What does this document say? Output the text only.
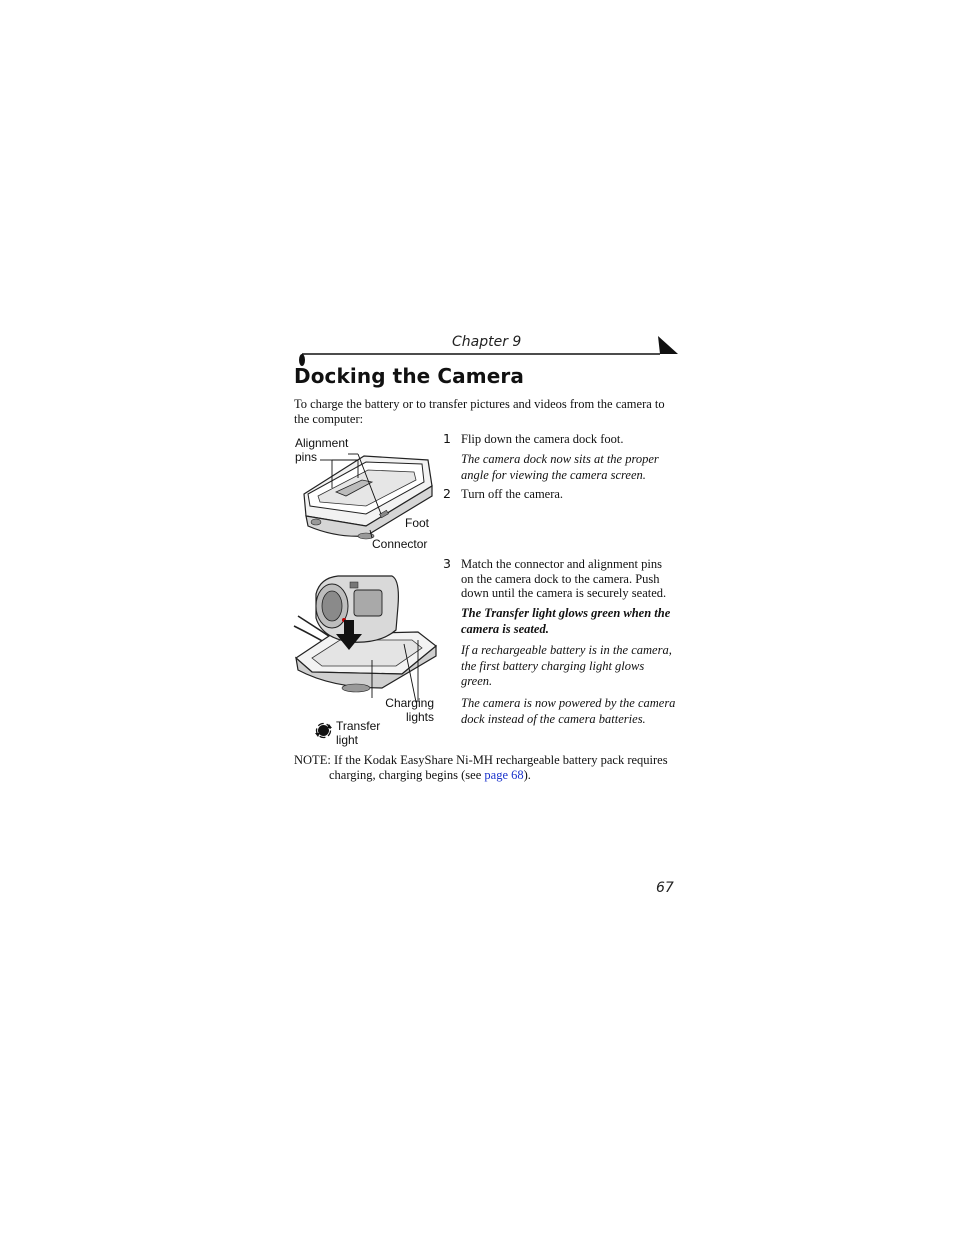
Chapter 9
Docking the Camera
To charge the battery or to transfer pictures and videos from the camera to the computer:
Alignment
pins
Foot
Connector
1 Flip down the camera dock foot.
The camera dock now sits at the proper angle for viewing the camera screen.
2 Turn off the camera.
Charging
lights
Transfer
light
3 Match the connector and alignment pins on the camera dock to the camera. Push down until the camera is securely seated.
The Transfer light glows green when the camera is seated.
If a rechargeable battery is in the camera, the first battery charging light glows green.
The camera is now powered by the camera dock instead of the camera batteries.
NOTE: If the Kodak EasyShare Ni-MH rechargeable battery pack requires
charging, charging begins (see page 68).
67
